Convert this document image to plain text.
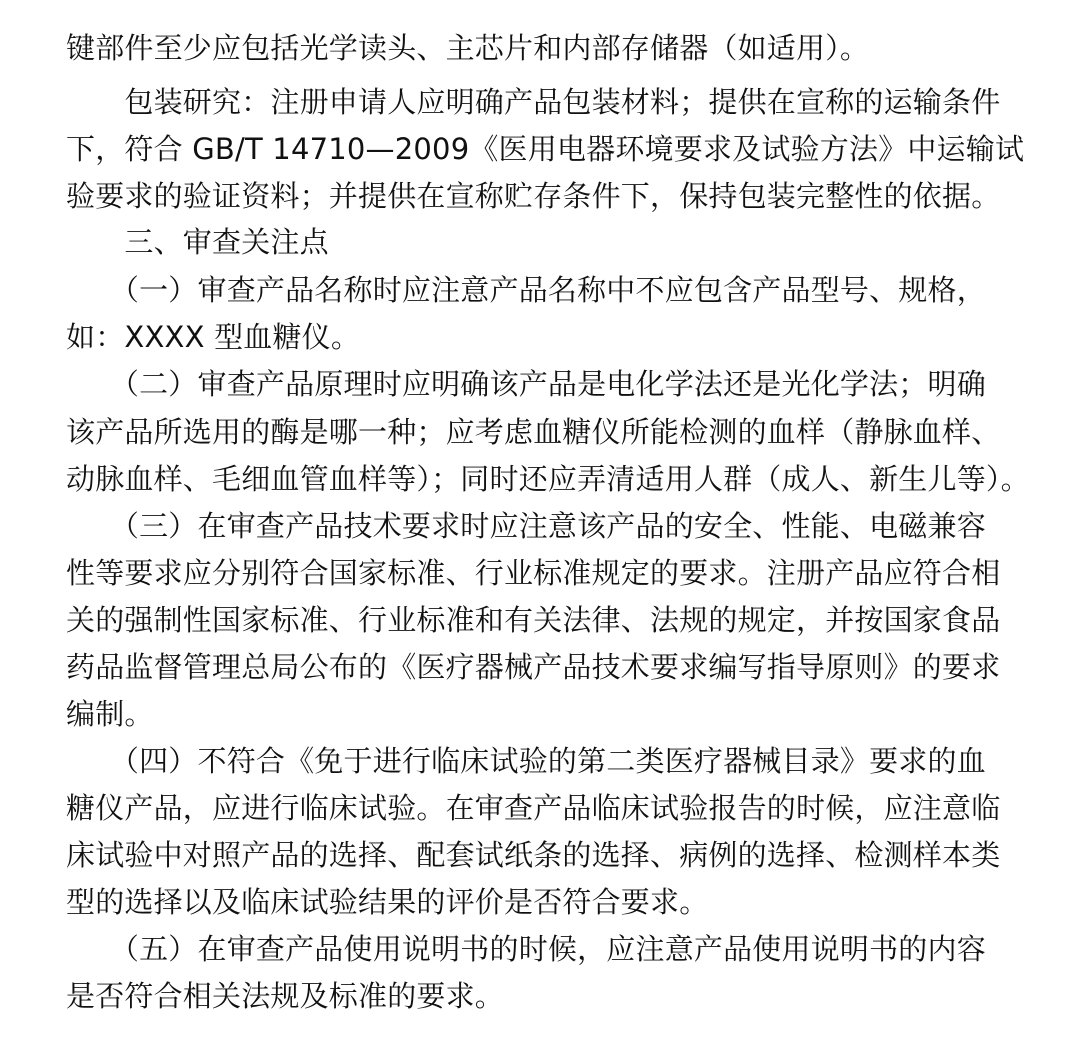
键部件至少应包括光学读头、主芯片和内部存储器（如适用）。
　　包装研究：注册申请人应明确产品包装材料；提供在宣称的运输条件
下，符合 GB/T 14710—2009《医用电器环境要求及试验方法》中运输试
验要求的验证资料；并提供在宣称贮存条件下，保持包装完整性的依据。
　　三、审查关注点
　　（一）审查产品名称时应注意产品名称中不应包含产品型号、规格，
如：XXXX 型血糖仪。
　　（二）审查产品原理时应明确该产品是电化学法还是光化学法；明确
该产品所选用的酶是哪一种；应考虑血糖仪所能检测的血样（静脉血样、
动脉血样、毛细血管血样等）；同时还应弄清适用人群（成人、新生儿等）。
　　（三）在审查产品技术要求时应注意该产品的安全、性能、电磁兼容
性等要求应分别符合国家标准、行业标准规定的要求。注册产品应符合相
关的强制性国家标准、行业标准和有关法律、法规的规定，并按国家食品
药品监督管理总局公布的《医疗器械产品技术要求编写指导原则》的要求
编制。
　　（四）不符合《免于进行临床试验的第二类医疗器械目录》要求的血
糖仪产品，应进行临床试验。在审查产品临床试验报告的时候，应注意临
床试验中对照产品的选择、配套试纸条的选择、病例的选择、检测样本类
型的选择以及临床试验结果的评价是否符合要求。
　　（五）在审查产品使用说明书的时候，应注意产品使用说明书的内容
是否符合相关法规及标准的要求。
